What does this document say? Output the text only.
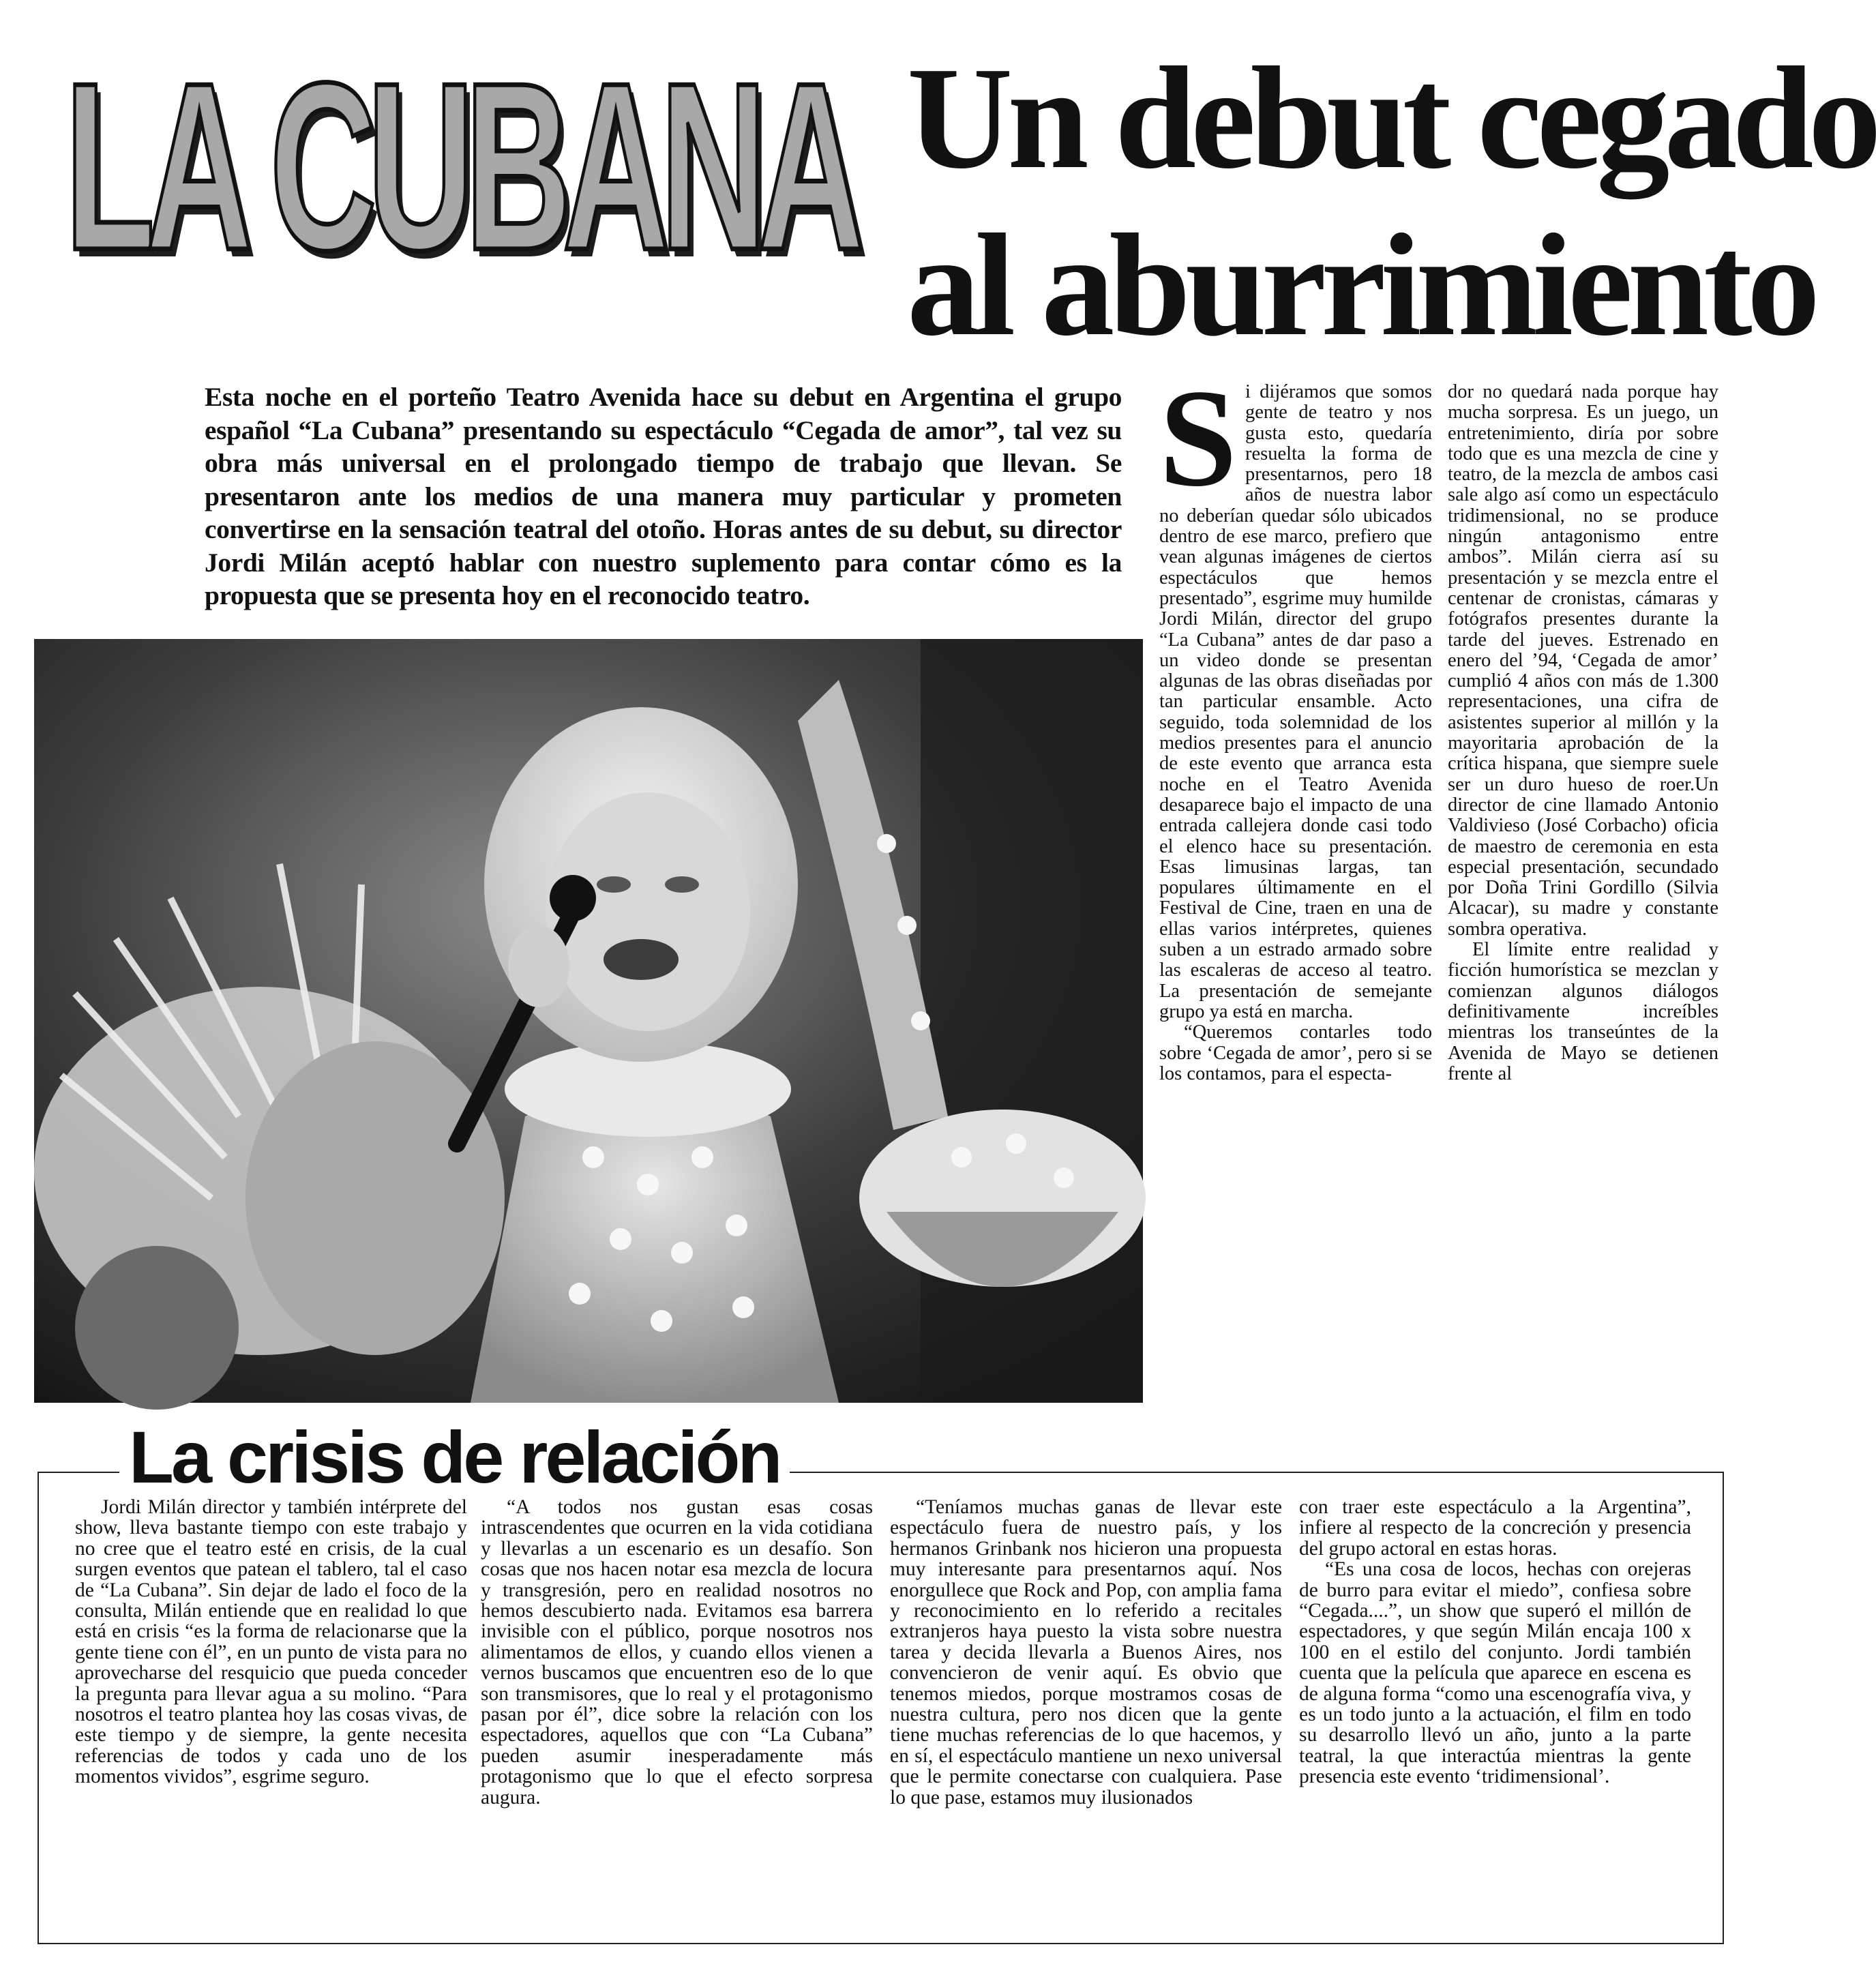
LA CUBANA Un debut cegado
al aburrimiento

Esta noche en el porteño Teatro Avenida hace su debut en Argentina el grupo español “La Cubana” presentando su espectáculo “Cegada de amor”, tal vez su obra más universal en el prolongado tiempo de trabajo que llevan. Se presentaron ante los medios de una manera muy particular y prometen convertirse en la sensación teatral del otoño. Horas antes de su debut, su director Jordi Milán aceptó hablar con nuestro suplemento para contar cómo es la propuesta que se presenta hoy en el reconocido teatro.

S i dijéramos que somos gente de teatro y nos gusta esto, quedaría resuelta la forma de presentarnos, pero 18 años de nuestra labor no deberían quedar sólo ubicados dentro de ese marco, prefiero que vean algunas imágenes de ciertos espectáculos que hemos presentado”, esgrime muy humilde Jordi Milán, director del grupo “La Cubana” antes de dar paso a un video donde se presentan algunas de las obras diseñadas por tan particular ensamble. Acto seguido, toda solemnidad de los medios presentes para el anuncio de este evento que arranca esta noche en el Teatro Avenida desaparece bajo el impacto de una entrada callejera donde casi todo el elenco hace su presentación. Esas limusinas largas, tan populares últimamente en el Festival de Cine, traen en una de ellas varios intérpretes, quienes suben a un estrado armado sobre las escaleras de acceso al teatro. La presentación de semejante grupo ya está en marcha.

“Queremos contarles todo sobre ‘Cegada de amor’, pero si se los contamos, para el especta-

dor no quedará nada porque hay mucha sorpresa. Es un juego, un entretenimiento, diría por sobre todo que es una mezcla de cine y teatro, de la mezcla de ambos casi sale algo así como un espectáculo tridimensional, no se produce ningún antagonismo entre ambos”. Milán cierra así su presentación y se mezcla entre el centenar de cronistas, cámaras y fotógrafos presentes durante la tarde del jueves. Estrenado en enero del ’94, ‘Cegada de amor’ cumplió 4 años con más de 1.300 representaciones, una cifra de asistentes superior al millón y la mayoritaria aprobación de la crítica hispana, que siempre suele ser un duro hueso de roer.Un director de cine llamado Antonio Valdivieso (José Corbacho) oficia de maestro de ceremonia en esta especial presentación, secundado por Doña Trini Gordillo (Silvia Alcacar), su madre y constante sombra operativa.

El límite entre realidad y ficción humorística se mezclan y comienzan algunos diálogos definitivamente increíbles mientras los transeúntes de la Avenida de Mayo se detienen frente al

La crisis de relación

Jordi Milán director y también intérprete del show, lleva bastante tiempo con este trabajo y no cree que el teatro esté en crisis, de la cual surgen eventos que patean el tablero, tal el caso de “La Cubana”. Sin dejar de lado el foco de la consulta, Milán entiende que en realidad lo que está en crisis “es la forma de relacionarse que la gente tiene con él”, en un punto de vista para no aprovecharse del resquicio que pueda conceder la pregunta para llevar agua a su molino. “Para nosotros el teatro plantea hoy las cosas vivas, de este tiempo y de siempre, la gente necesita referencias de todos y cada uno de los momentos vividos”, esgrime seguro.

“A todos nos gustan esas cosas intrascendentes que ocurren en la vida cotidiana y llevarlas a un escenario es un desafío. Son cosas que nos hacen notar esa mezcla de locura y transgresión, pero en realidad nosotros no hemos descubierto nada. Evitamos esa barrera invisible con el público, porque nosotros nos alimentamos de ellos, y cuando ellos vienen a vernos buscamos que encuentren eso de lo que son transmisores, que lo real y el protagonismo pasan por él”, dice sobre la relación con los espectadores, aquellos que con “La Cubana” pueden asumir inesperadamente más protagonismo que lo que el efecto sorpresa augura.

“Teníamos muchas ganas de llevar este espectáculo fuera de nuestro país, y los hermanos Grinbank nos hicieron una propuesta muy interesante para presentarnos aquí. Nos enorgullece que Rock and Pop, con amplia fama y reconocimiento en lo referido a recitales extranjeros haya puesto la vista sobre nuestra tarea y decida llevarla a Buenos Aires, nos convencieron de venir aquí. Es obvio que tenemos miedos, porque mostramos cosas de nuestra cultura, pero nos dicen que la gente tiene muchas referencias de lo que hacemos, y en sí, el espectáculo mantiene un nexo universal que le permite conectarse con cualquiera. Pase lo que pase, estamos muy ilusionados

con traer este espectáculo a la Argentina”, infiere al respecto de la concreción y presencia del grupo actoral en estas horas.

“Es una cosa de locos, hechas con orejeras de burro para evitar el miedo”, confiesa sobre “Cegada....”, un show que superó el millón de espectadores, y que según Milán encaja 100 x 100 en el estilo del conjunto. Jordi también cuenta que la película que aparece en escena es de alguna forma “como una escenografía viva, y es un todo junto a la actuación, el film en todo su desarrollo llevó un año, junto a la parte teatral, la que interactúa mientras la gente presencia este evento ‘tridimensional’.
